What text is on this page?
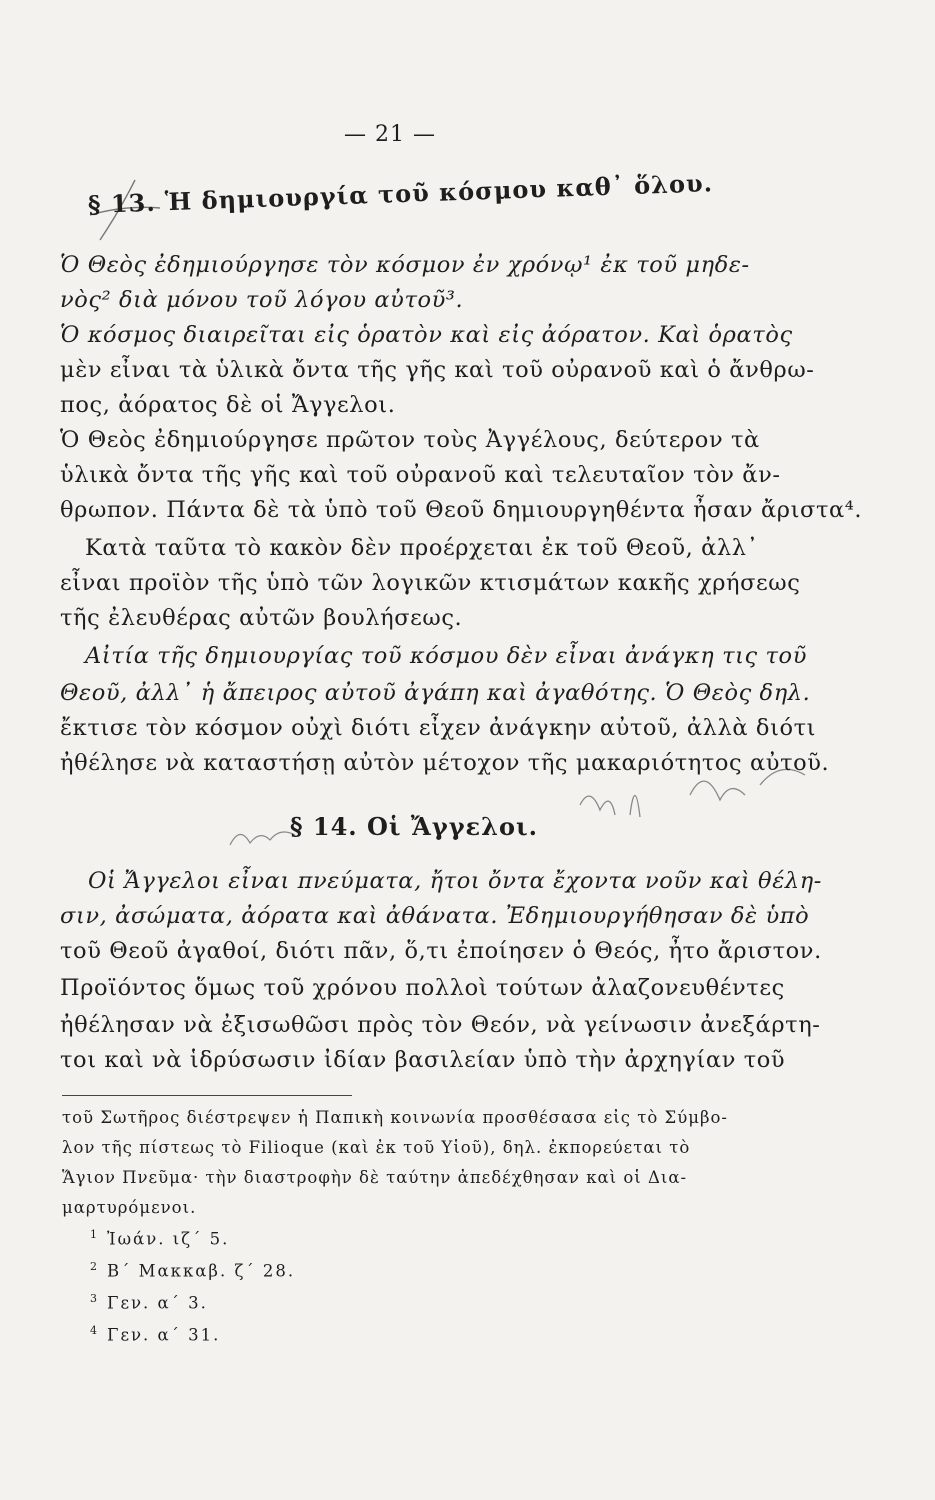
— 21 —
§ 13. Ἡ δημιουργία τοῦ κόσμου καθ᾽ ὅλου.
Ὁ Θεὸς ἐδημιούργησε τὸν κόσμον ἐν χρόνῳ¹ ἐκ τοῦ μηδε-
νὸς² διὰ μόνου τοῦ λόγου αὐτοῦ³.
Ὁ κόσμος διαιρεῖται εἰς ὁρατὸν καὶ εἰς ἀόρατον. Καὶ ὁρατὸς
μὲν εἶναι τὰ ὑλικὰ ὄντα τῆς γῆς καὶ τοῦ οὐρανοῦ καὶ ὁ ἄνθρω-
πος, ἀόρατος δὲ οἱ Ἄγγελοι.
Ὁ Θεὸς ἐδημιούργησε πρῶτον τοὺς Ἀγγέλους, δεύτερον τὰ
ὑλικὰ ὄντα τῆς γῆς καὶ τοῦ οὐρανοῦ καὶ τελευταῖον τὸν ἄν-
θρωπον. Πάντα δὲ τὰ ὑπὸ τοῦ Θεοῦ δημιουργηθέντα ἦσαν ἄριστα⁴.
Κατὰ ταῦτα τὸ κακὸν δὲν προέρχεται ἐκ τοῦ Θεοῦ, ἀλλ᾽
εἶναι προϊὸν τῆς ὑπὸ τῶν λογικῶν κτισμάτων κακῆς χρήσεως
τῆς ἐλευθέρας αὐτῶν βουλήσεως.
Αἰτία τῆς δημιουργίας τοῦ κόσμου δὲν εἶναι ἀνάγκη τις τοῦ
Θεοῦ, ἀλλ᾽ ἡ ἄπειρος αὐτοῦ ἀγάπη καὶ ἀγαθότης. Ὁ Θεὸς δηλ.
ἔκτισε τὸν κόσμον οὐχὶ διότι εἶχεν ἀνάγκην αὐτοῦ, ἀλλὰ διότι
ἠθέλησε νὰ καταστήσῃ αὐτὸν μέτοχον τῆς μακαριότητος αὐτοῦ.
§ 14. Οἱ Ἄγγελοι.
Οἱ Ἄγγελοι εἶναι πνεύματα, ἤτοι ὄντα ἔχοντα νοῦν καὶ θέλη-
σιν, ἀσώματα, ἀόρατα καὶ ἀθάνατα. Ἐδημιουργήθησαν δὲ ὑπὸ
τοῦ Θεοῦ ἀγαθοί, διότι πᾶν, ὅ,τι ἐποίησεν ὁ Θεός, ἦτο ἄριστον.
Προϊόντος ὅμως τοῦ χρόνου πολλοὶ τούτων ἀλαζονευθέντες
ἠθέλησαν νὰ ἐξισωθῶσι πρὸς τὸν Θεόν, νὰ γείνωσιν ἀνεξάρτη-
τοι καὶ νὰ ἱδρύσωσιν ἰδίαν βασιλείαν ὑπὸ τὴν ἀρχηγίαν τοῦ
τοῦ Σωτῆρος διέστρεψεν ἡ Παπικὴ κοινωνία προσθέσασα εἰς τὸ Σύμβο-
λον τῆς πίστεως τὸ Filioque (καὶ ἐκ τοῦ Υἱοῦ), δηλ. ἐκπορεύεται τὸ
Ἅγιον Πνεῦμα· τὴν διαστροφὴν δὲ ταύτην ἀπεδέχθησαν καὶ οἱ Δια-
μαρτυρόμενοι.
$^1$ Ἰωάν. ιζ´ 5.
$^2$ Β´ Μακκαβ. ζ´ 28.
$^3$ Γεν. α´ 3.
$^4$ Γεν. α´ 31.
